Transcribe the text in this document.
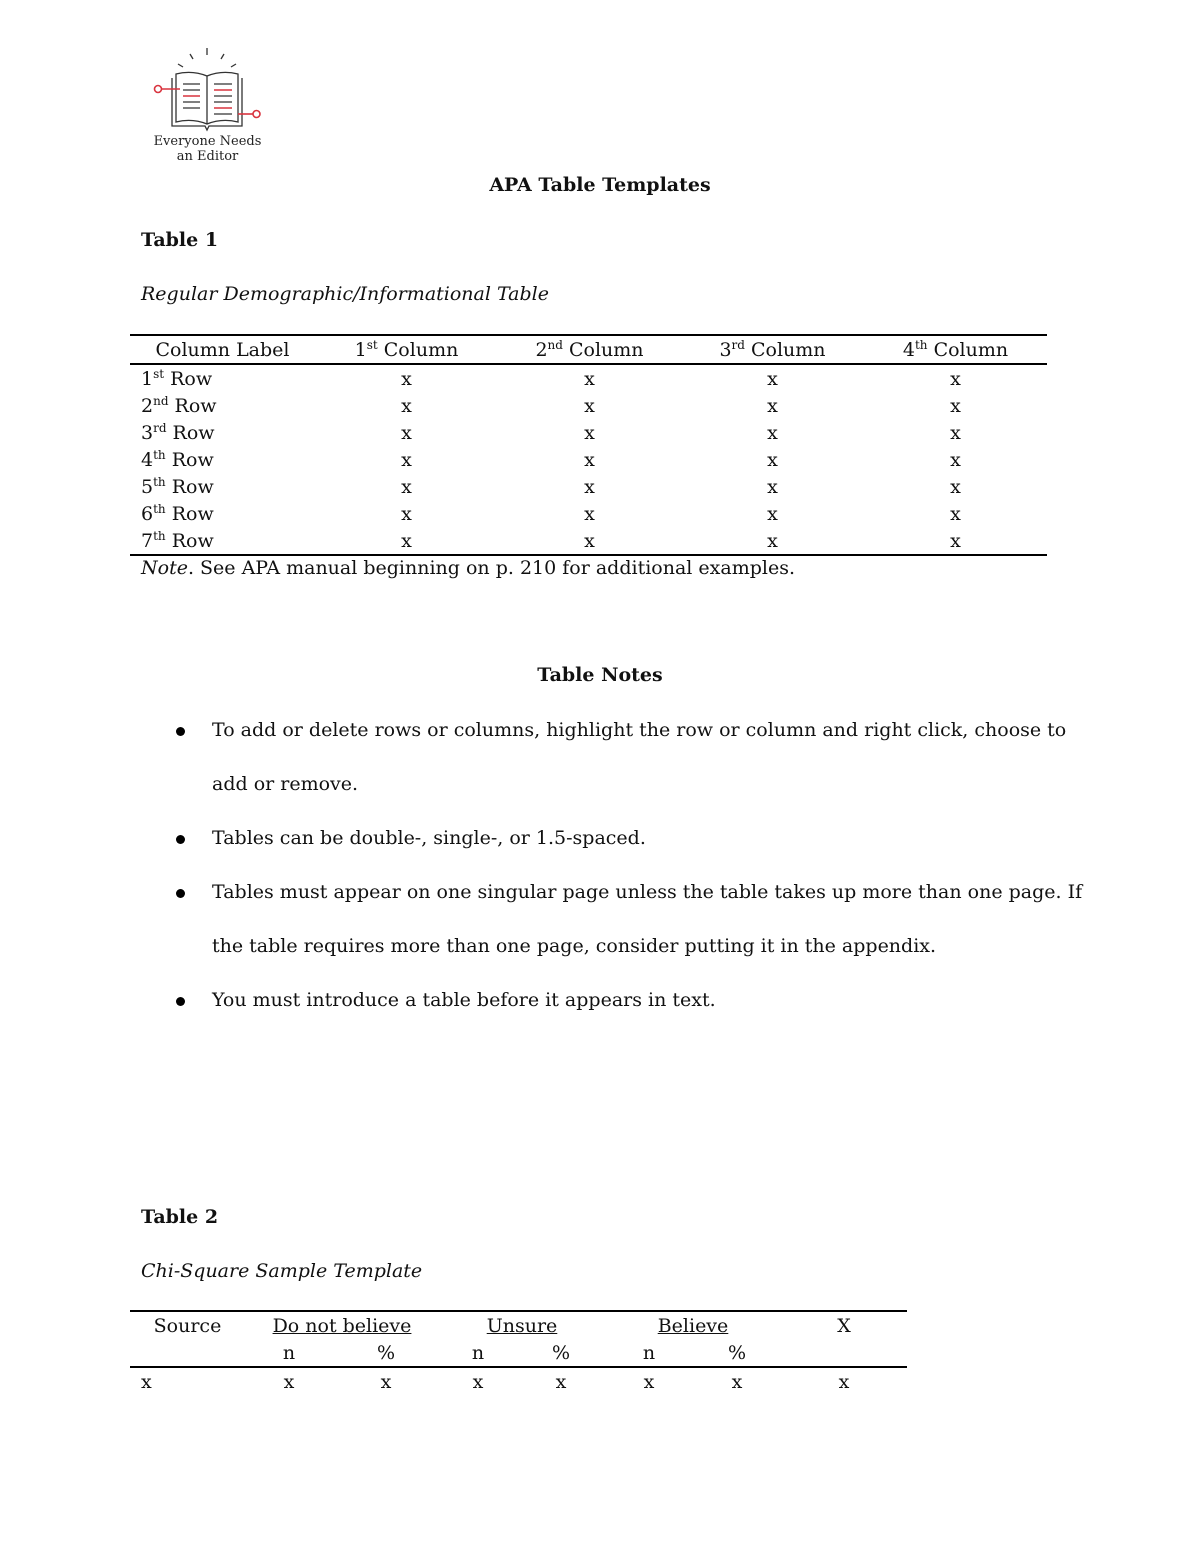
Everyone Needs
an Editor
APA Table Templates
Table 1
Regular Demographic/Informational Table
Column Label	1st Column	2nd Column	3rd Column	4th Column
1st Row	x	x	x	x
2nd Row	x	x	x	x
3rd Row	x	x	x	x
4th Row	x	x	x	x
5th Row	x	x	x	x
6th Row	x	x	x	x
7th Row	x	x	x	x
Note. See APA manual beginning on p. 210 for additional examples.
Table Notes
To add or delete rows or columns, highlight the row or column and right click, choose to
add or remove.
Tables can be double-, single-, or 1.5-spaced.
Tables must appear on one singular page unless the table takes up more than one page. If
the table requires more than one page, consider putting it in the appendix.
You must introduce a table before it appears in text.
Table 2
Chi-Square Sample Template
Source	Do not believe		Unsure		Believe		X
	n	%	n	%	n	%	
x	x	x	x	x	x	x	x
